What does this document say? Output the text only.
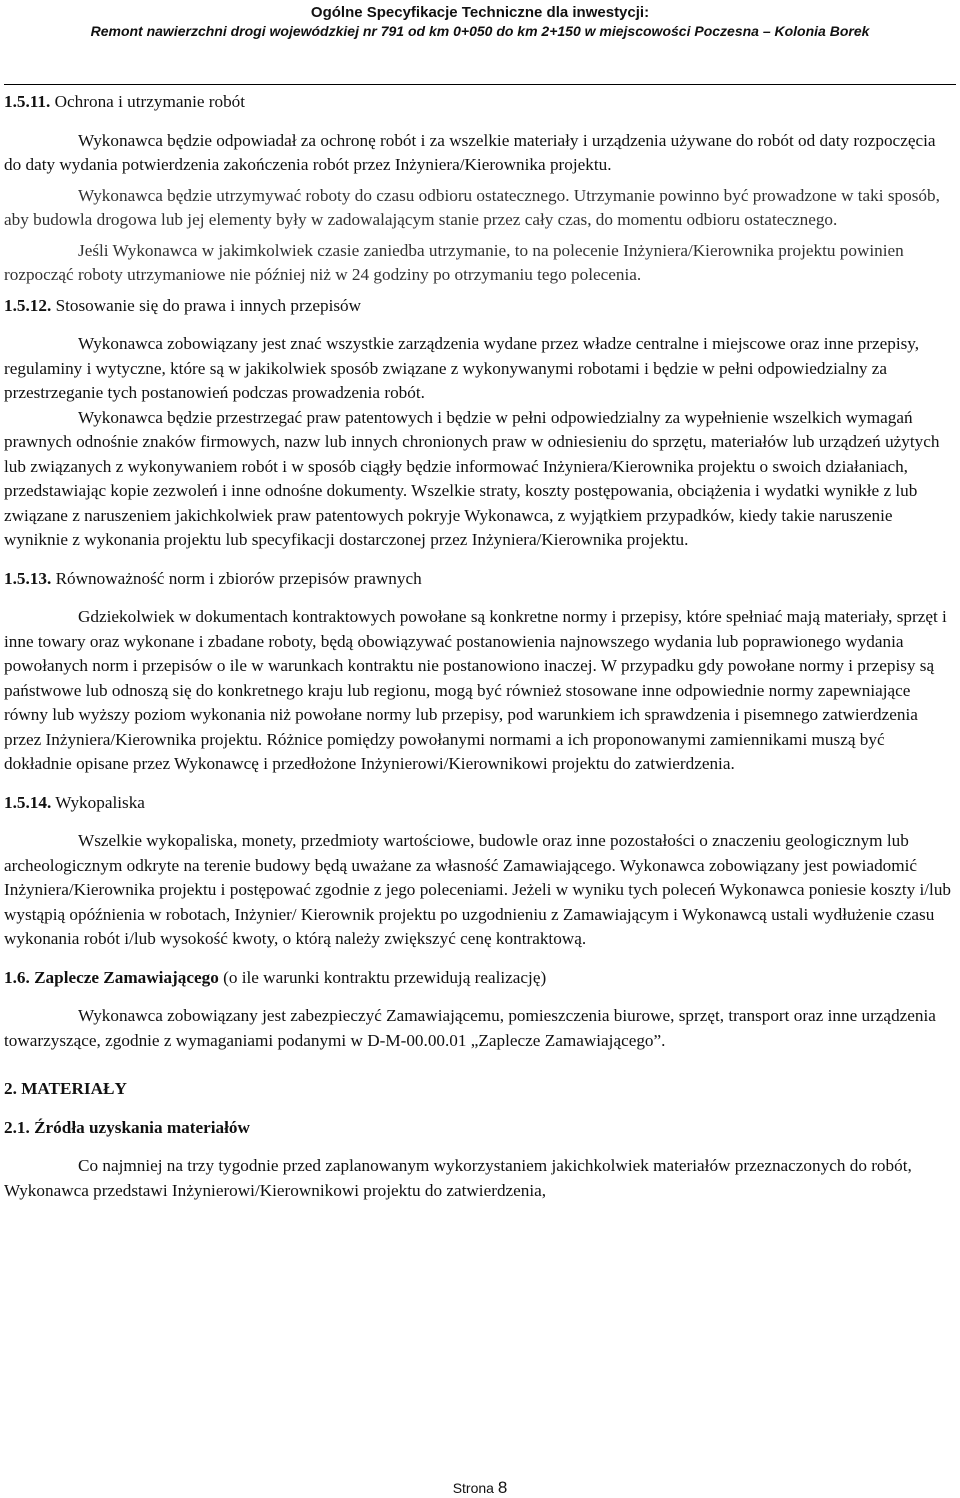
Ogólne Specyfikacje Techniczne dla inwestycji:
Remont nawierzchni drogi wojewódzkiej nr 791 od km 0+050 do km 2+150 w miejscowości Poczesna – Kolonia Borek

1.5.11. Ochrona i utrzymanie robót

Wykonawca będzie odpowiadał za ochronę robót i za wszelkie materiały i urządzenia używane do robót od daty rozpoczęcia do daty wydania potwierdzenia zakończenia robót przez Inżyniera/Kierownika projektu.

Wykonawca będzie utrzymywać roboty do czasu odbioru ostatecznego. Utrzymanie powinno być prowadzone w taki sposób, aby budowla drogowa lub jej elementy były w zadowalającym stanie przez cały czas, do momentu odbioru ostatecznego.

Jeśli Wykonawca w jakimkolwiek czasie zaniedba utrzymanie, to na polecenie Inżyniera/Kierownika projektu powinien rozpocząć roboty utrzymaniowe nie później niż w 24 godziny po otrzymaniu tego polecenia.

1.5.12. Stosowanie się do prawa i innych przepisów

Wykonawca zobowiązany jest znać wszystkie zarządzenia wydane przez władze centralne i miejscowe oraz inne przepisy, regulaminy i wytyczne, które są w jakikolwiek sposób związane z wykonywanymi robotami i będzie w pełni odpowiedzialny za przestrzeganie tych postanowień podczas prowadzenia robót.

Wykonawca będzie przestrzegać praw patentowych i będzie w pełni odpowiedzialny za wypełnienie wszelkich wymagań prawnych odnośnie znaków firmowych, nazw lub innych chronionych praw w odniesieniu do sprzętu, materiałów lub urządzeń użytych lub związanych z wykonywaniem robót i w sposób ciągły będzie informować Inżyniera/Kierownika projektu o swoich działaniach, przedstawiając kopie zezwoleń i inne odnośne dokumenty. Wszelkie straty, koszty postępowania, obciążenia i wydatki wynikłe z lub związane z naruszeniem jakichkolwiek praw patentowych pokryje Wykonawca, z wyjątkiem przypadków, kiedy takie naruszenie wyniknie z wykonania projektu lub specyfikacji dostarczonej przez Inżyniera/Kierownika projektu.

1.5.13. Równoważność norm i zbiorów przepisów prawnych

Gdziekolwiek w dokumentach kontraktowych powołane są konkretne normy i przepisy, które spełniać mają materiały, sprzęt i inne towary oraz wykonane i zbadane roboty, będą obowiązywać postanowienia najnowszego wydania lub poprawionego wydania powołanych norm i przepisów o ile w warunkach kontraktu nie postanowiono inaczej. W przypadku gdy powołane normy i przepisy są państwowe lub odnoszą się do konkretnego kraju lub regionu, mogą być również stosowane inne odpowiednie normy zapewniające równy lub wyższy poziom wykonania niż powołane normy lub przepisy, pod warunkiem ich sprawdzenia i pisemnego zatwierdzenia przez Inżyniera/Kierownika projektu. Różnice pomiędzy powołanymi normami a ich proponowanymi zamiennikami muszą być dokładnie opisane przez Wykonawcę i przedłożone Inżynierowi/Kierownikowi projektu do zatwierdzenia.

1.5.14. Wykopaliska

Wszelkie wykopaliska, monety, przedmioty wartościowe, budowle oraz inne pozostałości o znaczeniu geologicznym lub archeologicznym odkryte na terenie budowy będą uważane za własność Zamawiającego. Wykonawca zobowiązany jest powiadomić Inżyniera/Kierownika projektu i postępować zgodnie z jego poleceniami. Jeżeli w wyniku tych poleceń Wykonawca poniesie koszty i/lub wystąpią opóźnienia w robotach, Inżynier/ Kierownik projektu po uzgodnieniu z Zamawiającym i Wykonawcą ustali wydłużenie czasu wykonania robót i/lub wysokość kwoty, o którą należy zwiększyć cenę kontraktową.

1.6. Zaplecze Zamawiającego (o ile warunki kontraktu przewidują realizację)

Wykonawca zobowiązany jest zabezpieczyć Zamawiającemu, pomieszczenia biurowe, sprzęt, transport oraz inne urządzenia towarzyszące, zgodnie z wymaganiami podanymi w D-M-00.00.01 „Zaplecze Zamawiającego”.

2. MATERIAŁY

2.1. Źródła uzyskania materiałów

Co najmniej na trzy tygodnie przed zaplanowanym wykorzystaniem jakichkolwiek materiałów przeznaczonych do robót, Wykonawca przedstawi Inżynierowi/Kierownikowi projektu do zatwierdzenia,

Strona 8
